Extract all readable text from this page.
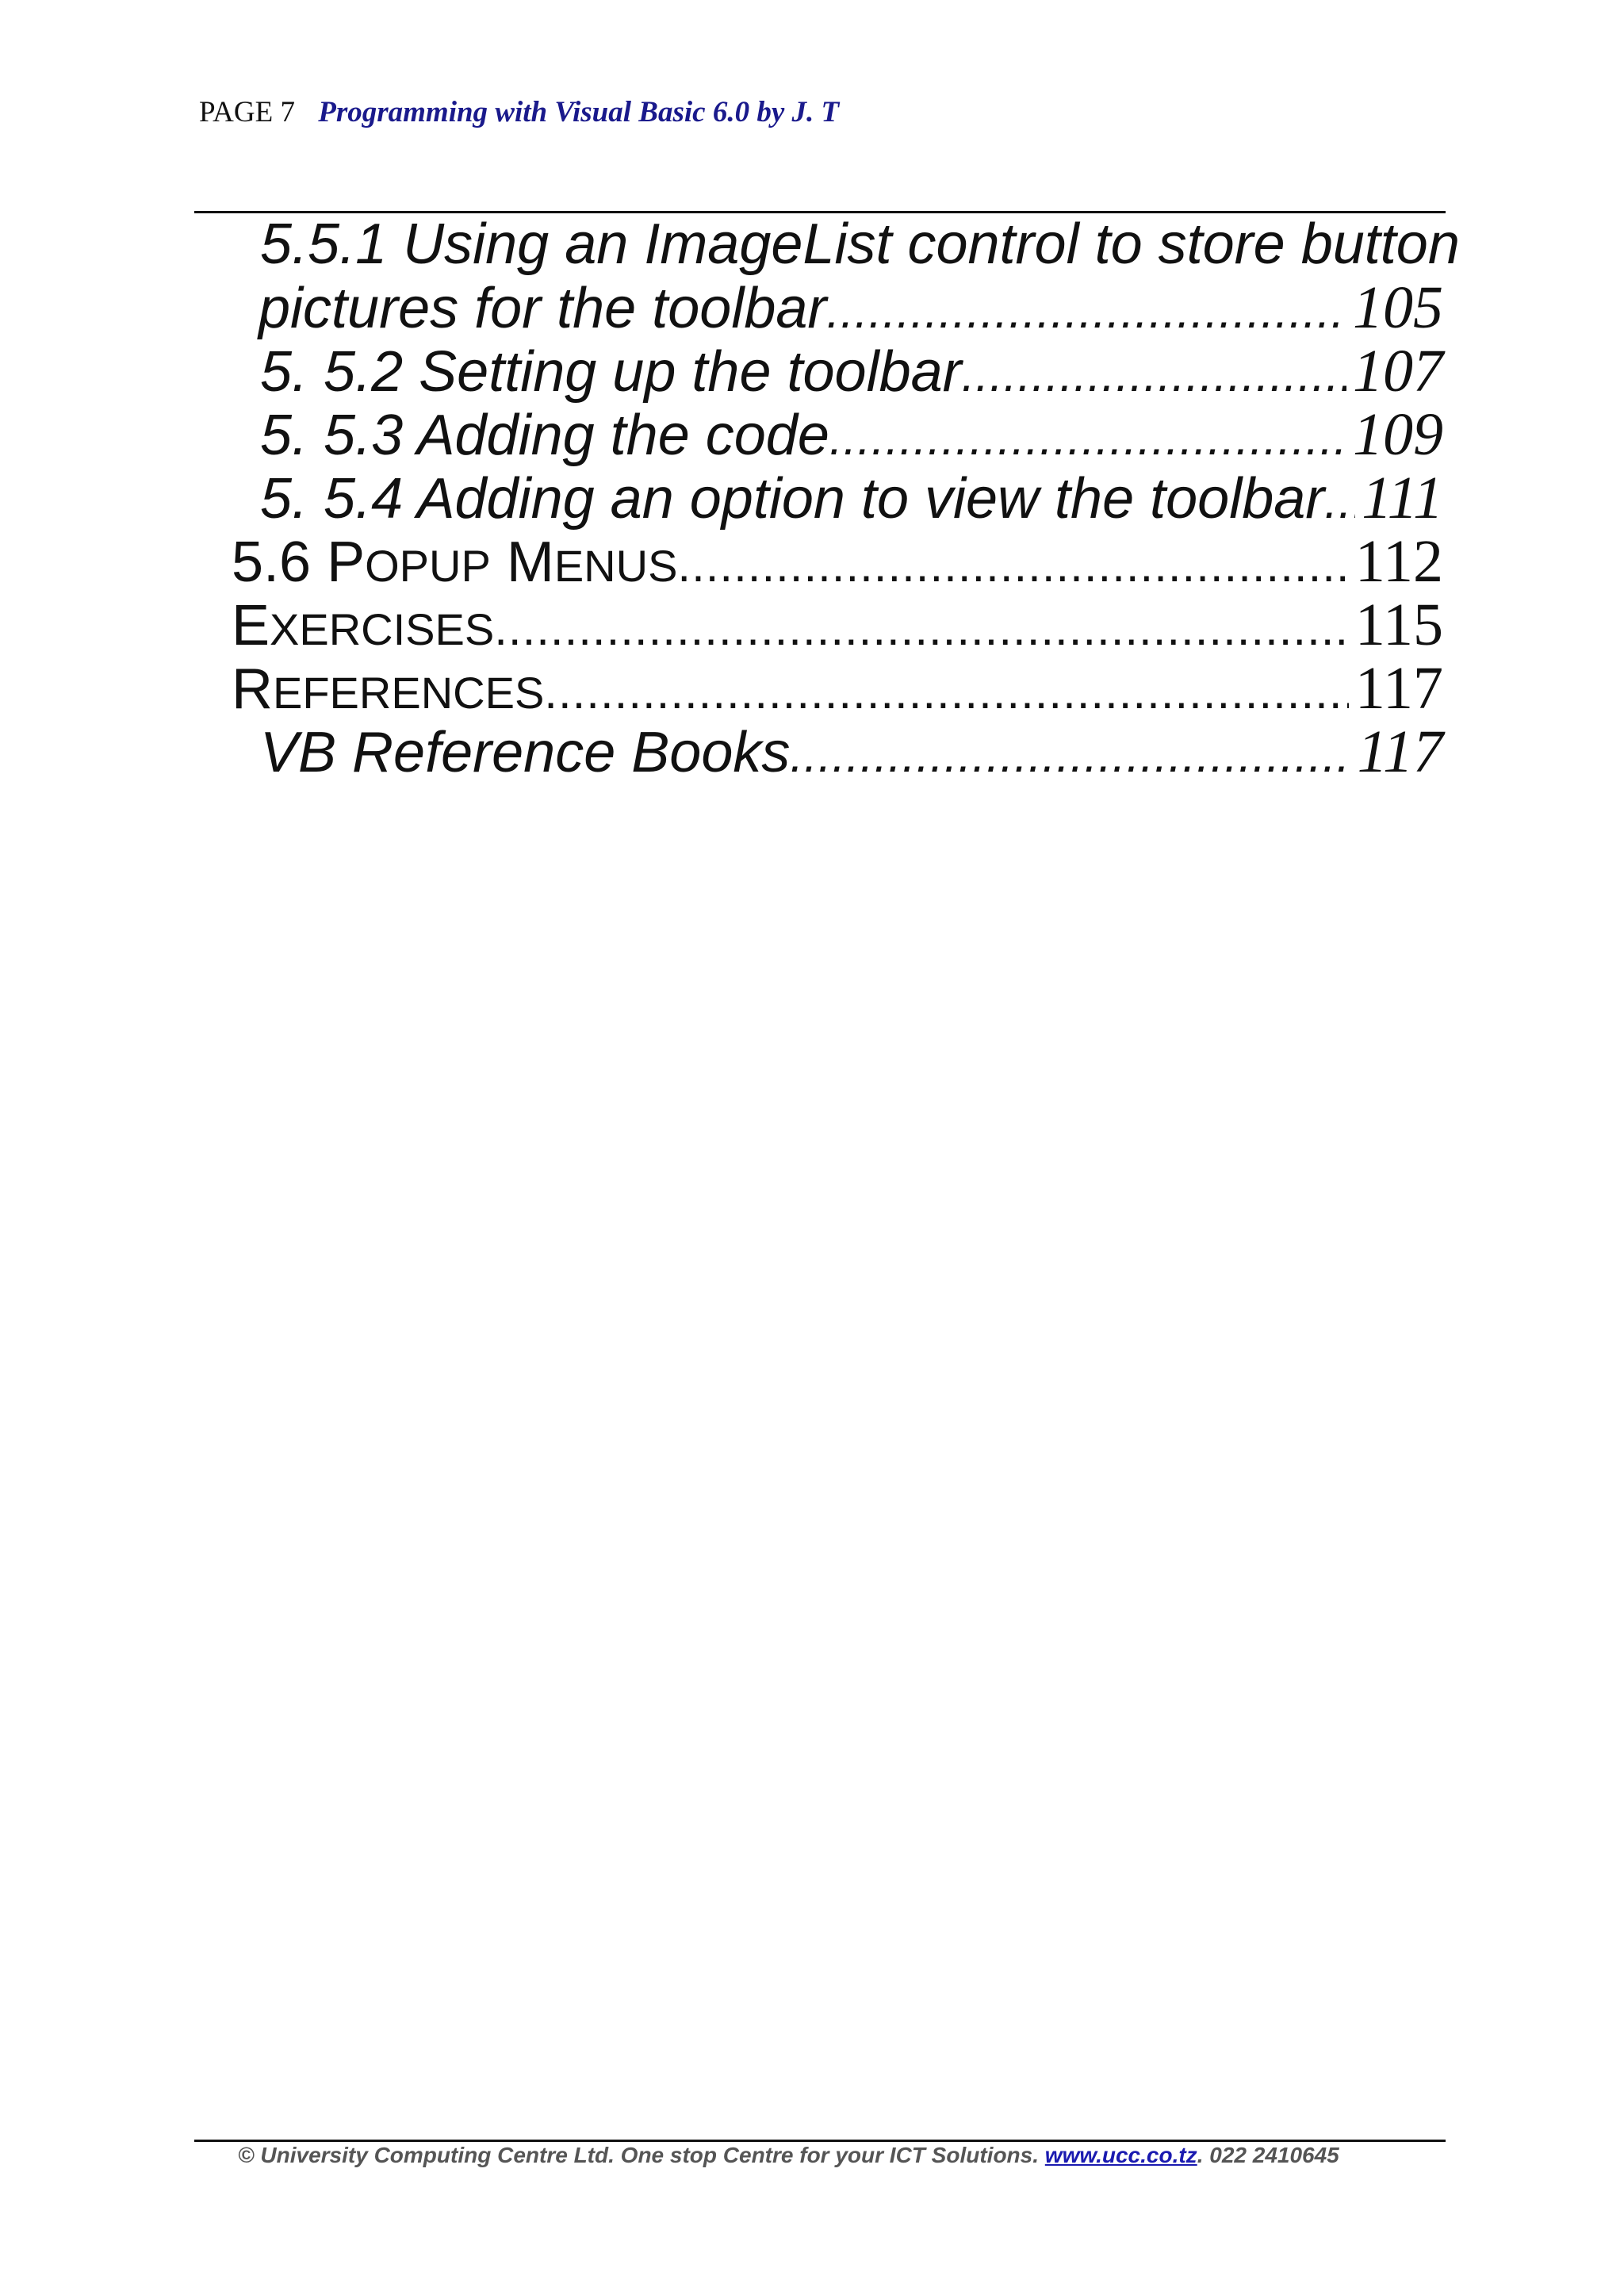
PAGE 7 Programming with Visual Basic 6.0 by J. T
5.5.1 Using an ImageList control to store button
pictures for the toolbar .....	105
5. 5.2 Setting up the toolbar .....	107
5. 5.3 Adding the code .....	109
5. 5.4 Adding an option to view the toolbar ..... 111
5.6 POPUP MENUS .....	112
EXERCISES .....	115
REFERENCES .....	117
VB Reference Books .....	117
© University Computing Centre Ltd. One stop Centre for your ICT Solutions. www.ucc.co.tz. 022 2410645
